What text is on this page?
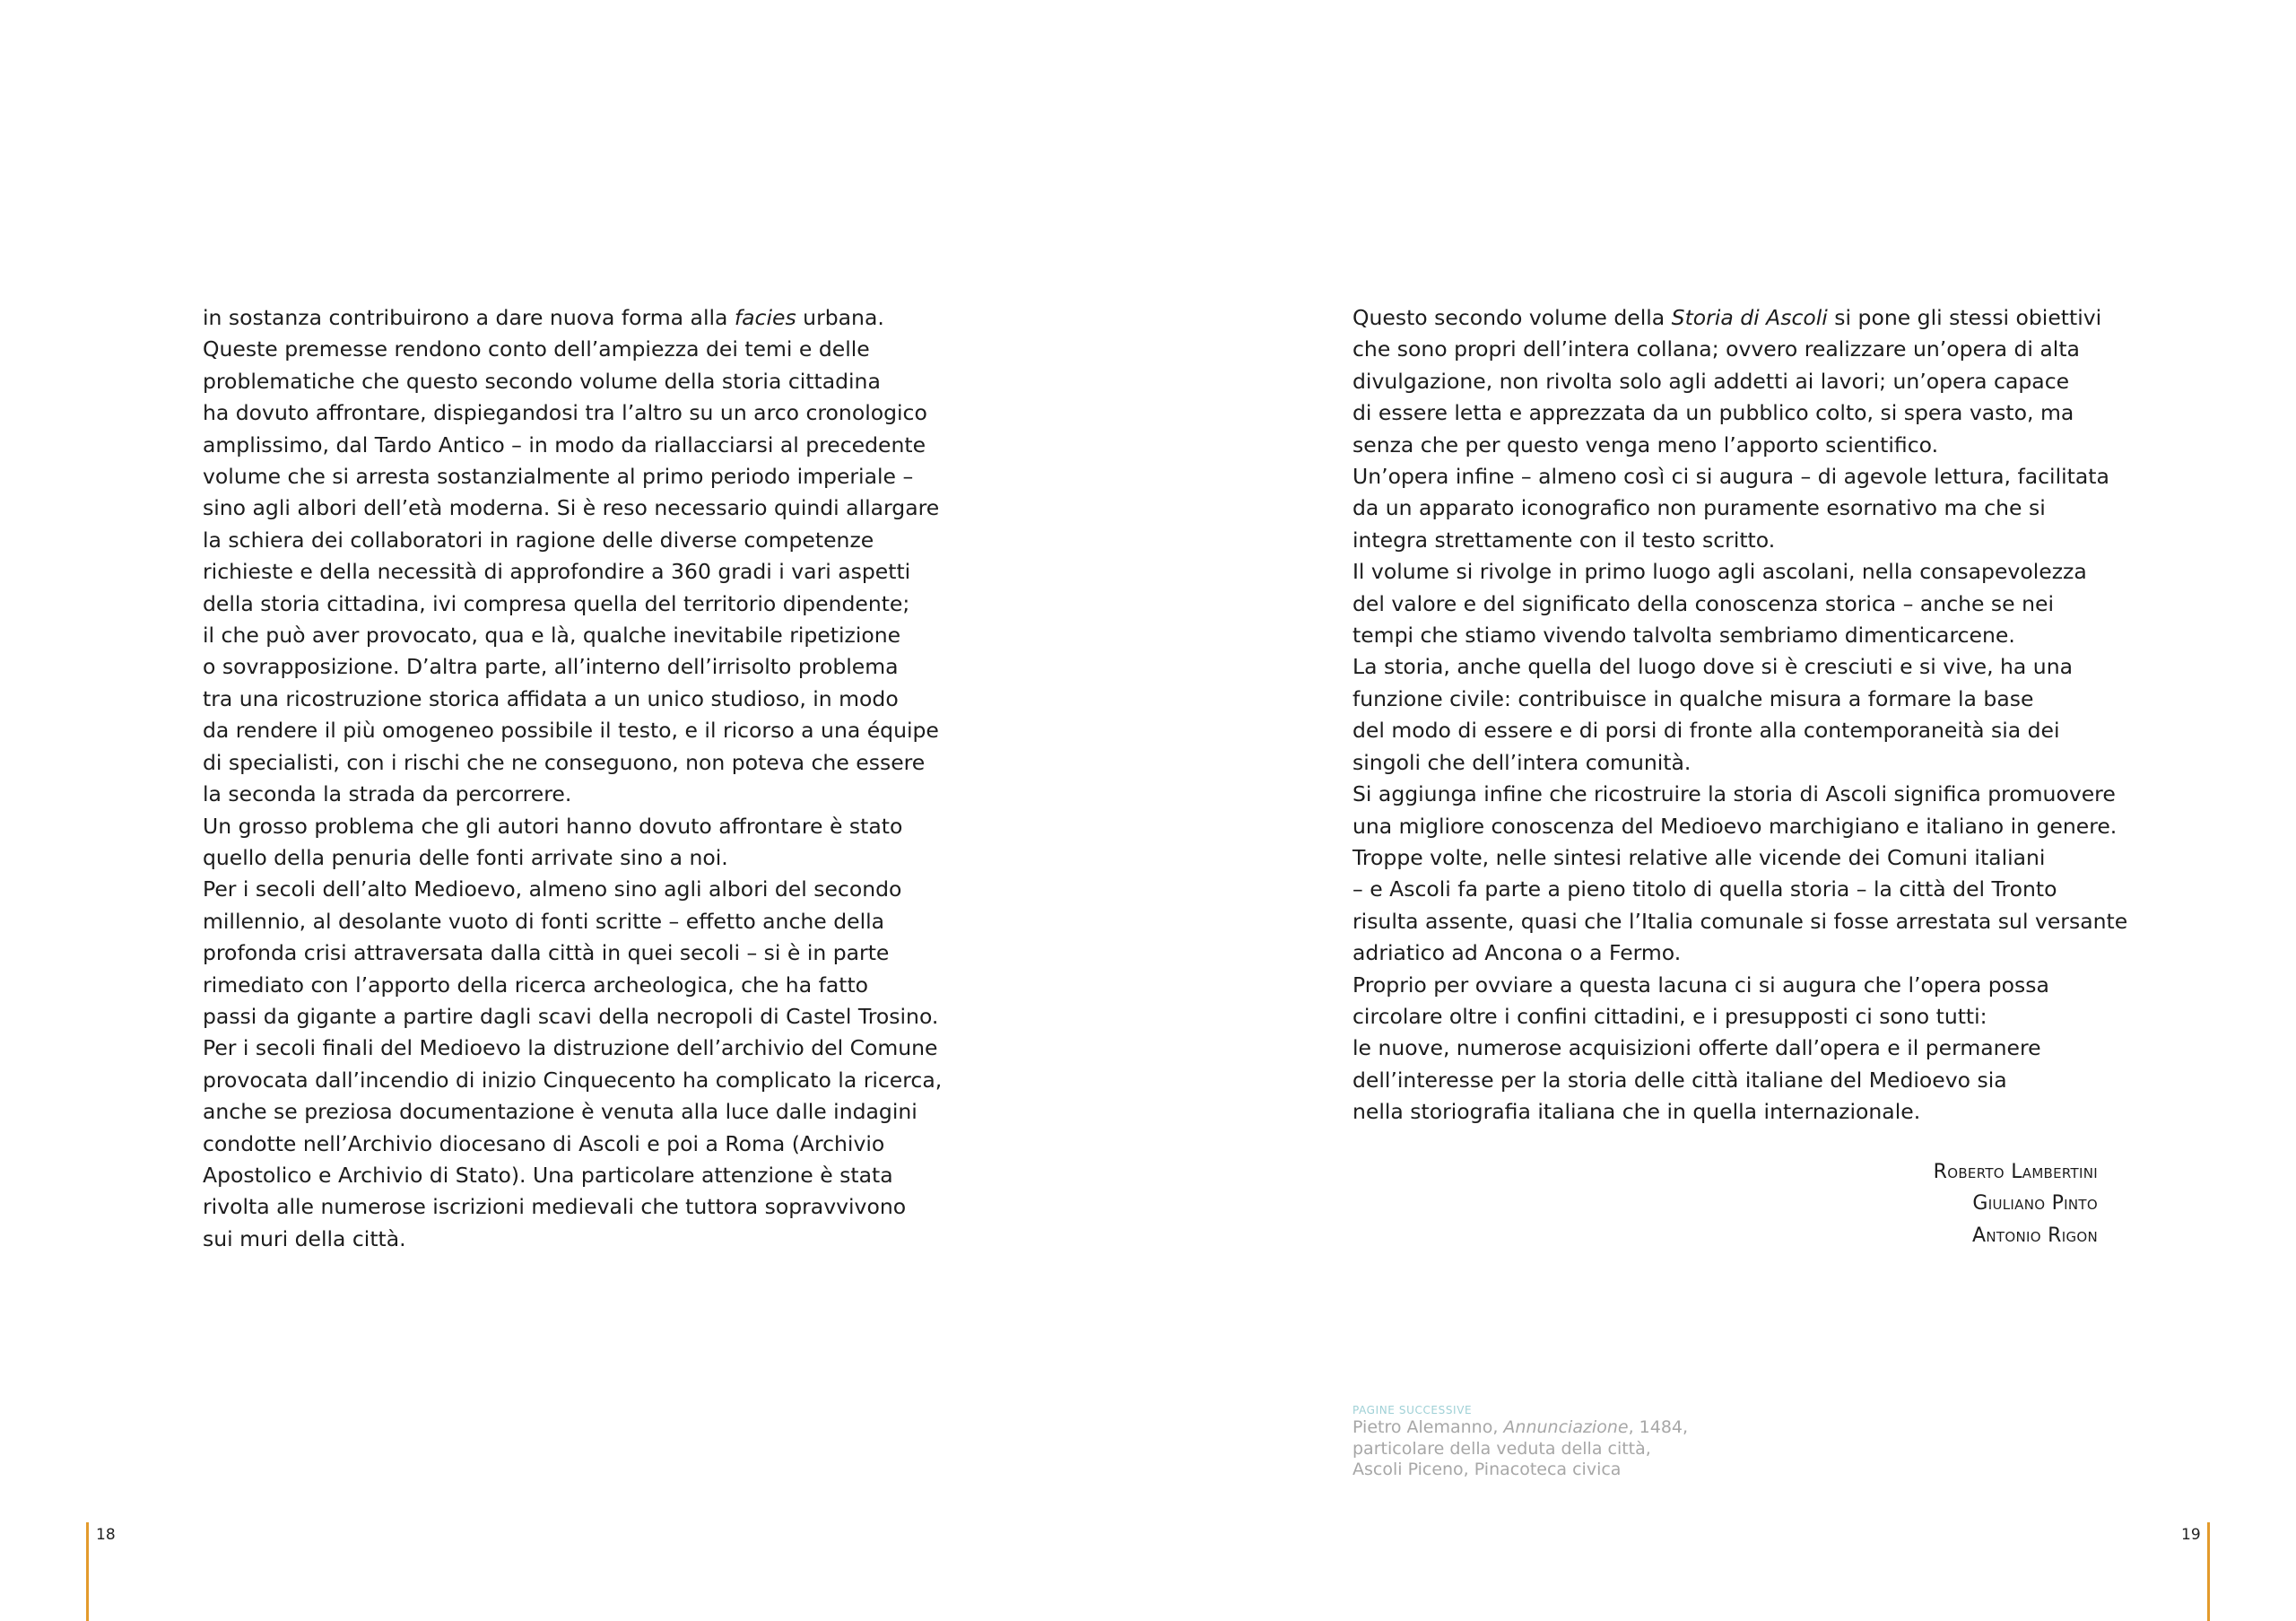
in sostanza contribuirono a dare nuova forma alla facies urbana.
Queste premesse rendono conto dell’ampiezza dei temi e delle
problematiche che questo secondo volume della storia cittadina
ha dovuto affrontare, dispiegandosi tra l’altro su un arco cronologico
amplissimo, dal Tardo Antico – in modo da riallacciarsi al precedente
volume che si arresta sostanzialmente al primo periodo imperiale –
sino agli albori dell’età moderna. Si è reso necessario quindi allargare
la schiera dei collaboratori in ragione delle diverse competenze
richieste e della necessità di approfondire a 360 gradi i vari aspetti
della storia cittadina, ivi compresa quella del territorio dipendente;
il che può aver provocato, qua e là, qualche inevitabile ripetizione
o sovrapposizione. D’altra parte, all’interno dell’irrisolto problema
tra una ricostruzione storica affidata a un unico studioso, in modo
da rendere il più omogeneo possibile il testo, e il ricorso a una équipe
di specialisti, con i rischi che ne conseguono, non poteva che essere
la seconda la strada da percorrere.
Un grosso problema che gli autori hanno dovuto affrontare è stato
quello della penuria delle fonti arrivate sino a noi.
Per i secoli dell’alto Medioevo, almeno sino agli albori del secondo
millennio, al desolante vuoto di fonti scritte – effetto anche della
profonda crisi attraversata dalla città in quei secoli – si è in parte
rimediato con l’apporto della ricerca archeologica, che ha fatto
passi da gigante a partire dagli scavi della necropoli di Castel Trosino.
Per i secoli finali del Medioevo la distruzione dell’archivio del Comune
provocata dall’incendio di inizio Cinquecento ha complicato la ricerca,
anche se preziosa documentazione è venuta alla luce dalle indagini
condotte nell’Archivio diocesano di Ascoli e poi a Roma (Archivio
Apostolico e Archivio di Stato). Una particolare attenzione è stata
rivolta alle numerose iscrizioni medievali che tuttora sopravvivono
sui muri della città.
Questo secondo volume della Storia di Ascoli si pone gli stessi obiettivi
che sono propri dell’intera collana; ovvero realizzare un’opera di alta
divulgazione, non rivolta solo agli addetti ai lavori; un’opera capace
di essere letta e apprezzata da un pubblico colto, si spera vasto, ma
senza che per questo venga meno l’apporto scientifico.
Un’opera infine – almeno così ci si augura – di agevole lettura, facilitata
da un apparato iconografico non puramente esornativo ma che si
integra strettamente con il testo scritto.
Il volume si rivolge in primo luogo agli ascolani, nella consapevolezza
del valore e del significato della conoscenza storica – anche se nei
tempi che stiamo vivendo talvolta sembriamo dimenticarcene.
La storia, anche quella del luogo dove si è cresciuti e si vive, ha una
funzione civile: contribuisce in qualche misura a formare la base
del modo di essere e di porsi di fronte alla contemporaneità sia dei
singoli che dell’intera comunità.
Si aggiunga infine che ricostruire la storia di Ascoli significa promuovere
una migliore conoscenza del Medioevo marchigiano e italiano in genere.
Troppe volte, nelle sintesi relative alle vicende dei Comuni italiani
– e Ascoli fa parte a pieno titolo di quella storia – la città del Tronto
risulta assente, quasi che l’Italia comunale si fosse arrestata sul versante
adriatico ad Ancona o a Fermo.
Proprio per ovviare a questa lacuna ci si augura che l’opera possa
circolare oltre i confini cittadini, e i presupposti ci sono tutti:
le nuove, numerose acquisizioni offerte dall’opera e il permanere
dell’interesse per la storia delle città italiane del Medioevo sia
nella storiografia italiana che in quella internazionale.
Roberto Lambertini
Giuliano Pinto
Antonio Rigon
PAGINE SUCCESSIVE
Pietro Alemanno, Annunciazione, 1484,
particolare della veduta della città,
Ascoli Piceno, Pinacoteca civica
18	19
